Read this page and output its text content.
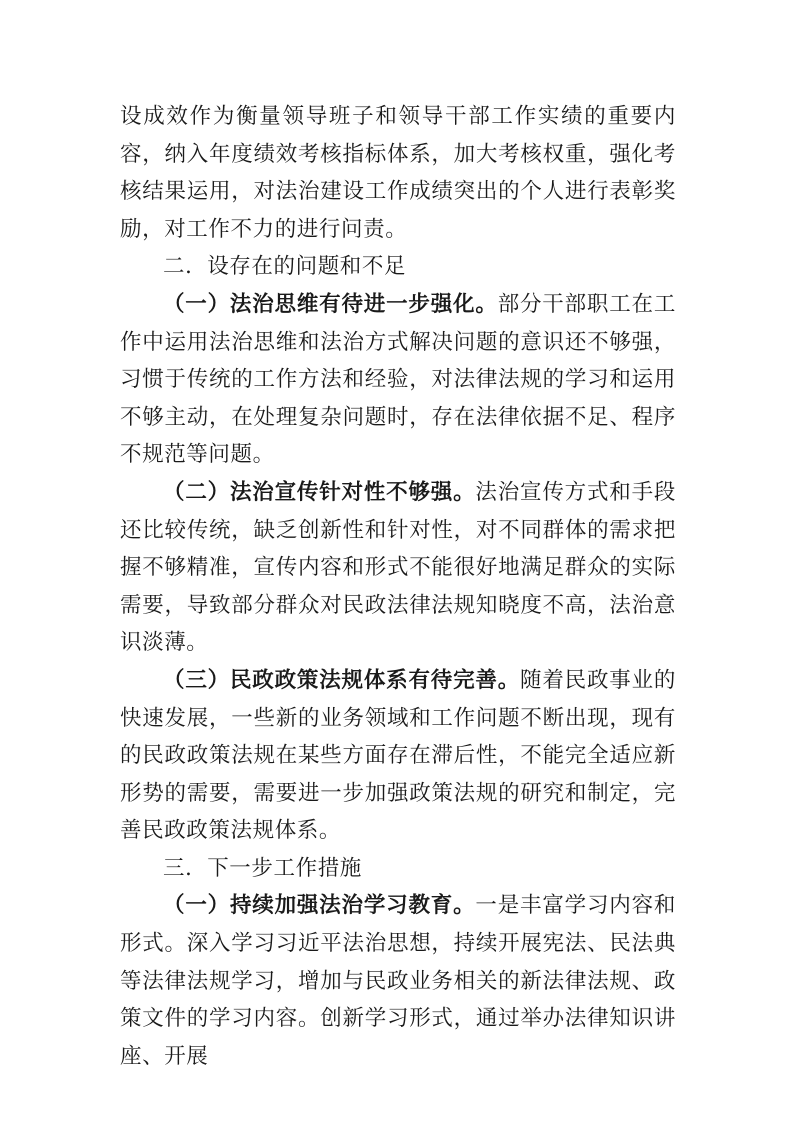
设成效作为衡量领导班子和领导干部工作实绩的重要内容，纳入年度绩效考核指标体系，加大考核权重，强化考核结果运用，对法治建设工作成绩突出的个人进行表彰奖励，对工作不力的进行问责。

二．设存在的问题和不足

（一）法治思维有待进一步强化。部分干部职工在工作中运用法治思维和法治方式解决问题的意识还不够强，习惯于传统的工作方法和经验，对法律法规的学习和运用不够主动，在处理复杂问题时，存在法律依据不足、程序不规范等问题。

（二）法治宣传针对性不够强。法治宣传方式和手段还比较传统，缺乏创新性和针对性，对不同群体的需求把握不够精准，宣传内容和形式不能很好地满足群众的实际需要，导致部分群众对民政法律法规知晓度不高，法治意识淡薄。

（三）民政政策法规体系有待完善。随着民政事业的快速发展，一些新的业务领域和工作问题不断出现，现有的民政政策法规在某些方面存在滞后性，不能完全适应新形势的需要，需要进一步加强政策法规的研究和制定，完善民政政策法规体系。

三．下一步工作措施

（一）持续加强法治学习教育。一是丰富学习内容和形式。深入学习习近平法治思想，持续开展宪法、民法典等法律法规学习，增加与民政业务相关的新法律法规、政策文件的学习内容。创新学习形式，通过举办法律知识讲座、开展
